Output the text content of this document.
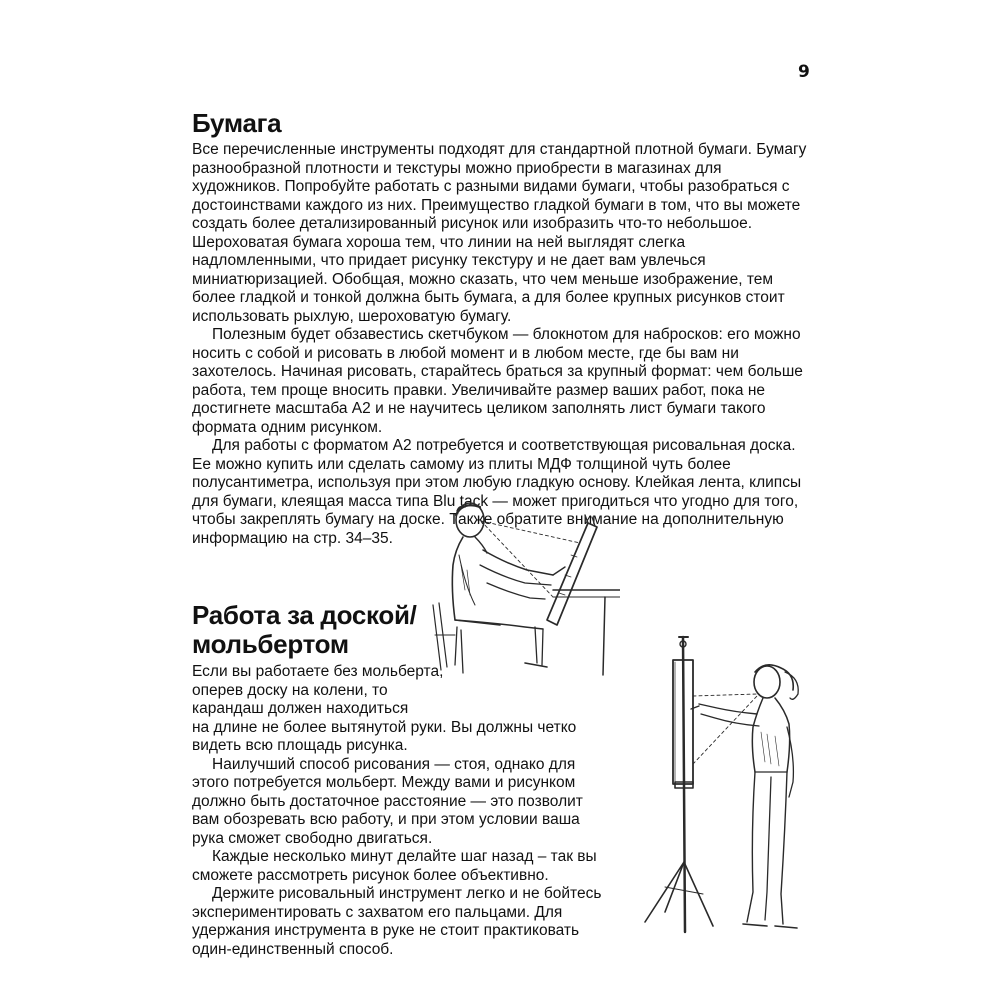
9
Бумага

Все перечисленные инструменты подходят для стандартной плотной бумаги. Бумагу разнообразной плотности и текстуры можно приобрести в магазинах для художников. Попробуйте работать с разными видами бумаги, чтобы разобраться с достоинствами каждого из них. Преимущество гладкой бумаги в том, что вы можете создать более детализированный рисунок или изобразить что-то небольшое. Шероховатая бумага хороша тем, что линии на ней выглядят слегка надломленными, что придает рисунку текстуру и не дает вам увлечься миниатюризацией. Обобщая, можно сказать, что чем меньше изображение, тем более гладкой и тонкой должна быть бумага, а для более крупных рисунков стоит использовать рыхлую, шероховатую бумагу.

Полезным будет обзавестись скетчбуком — блокнотом для набросков: его можно носить с собой и рисовать в любой момент и в любом месте, где бы вам ни захотелось. Начиная рисовать, старайтесь браться за крупный формат: чем больше работа, тем проще вносить правки. Увеличивайте размер ваших работ, пока не достигнете масштаба А2 и не научитесь целиком заполнять лист бумаги такого формата одним рисунком.

Для работы с форматом А2 потребуется и соответствующая рисовальная доска. Ее можно купить или сделать самому из плиты МДФ толщиной чуть более полусантиметра, используя при этом любую гладкую основу. Клейкая лента, клипсы для бумаги, клеящая масса типа Blu tack — может пригодиться что угодно для того, чтобы закреплять бумагу на доске. Также обратите внимание на дополнительную информацию на стр. 34–35.

Работа за доской/
мольбертом

Если вы работаете без мольберта,
оперев доску на колени, то
карандаш должен находиться
на длине не более вытянутой руки. Вы должны четко видеть всю площадь рисунка.

Наилучший способ рисования — стоя, однако для этого потребуется мольберт. Между вами и рисунком должно быть достаточное расстояние — это позволит вам обозревать всю работу, и при этом условии ваша рука сможет свободно двигаться.

Каждые несколько минут делайте шаг назад – так вы сможете рассмотреть рисунок более объективно.

Держите рисовальный инструмент легко и не бойтесь экспериментировать с захватом его пальцами. Для удержания инструмента в руке не стоит практиковать один-единственный способ.
